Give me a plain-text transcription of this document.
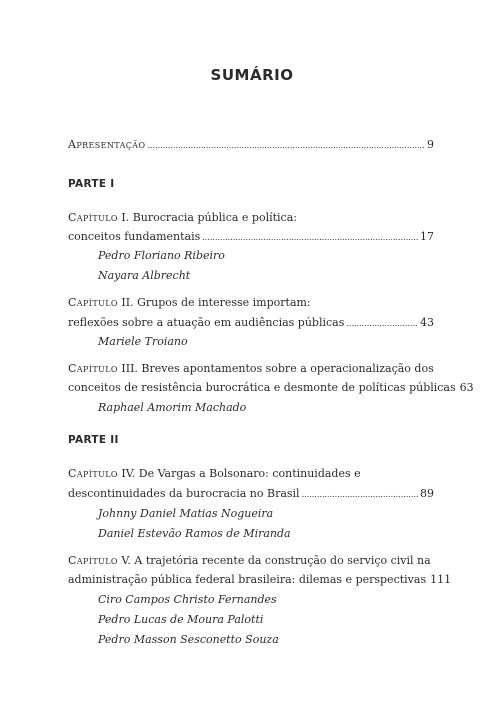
SUMÁRIO
Apresentação .....	9
PARTE I
Capítulo I. Burocracia pública e política:
conceitos fundamentais .....	17
Pedro Floriano Ribeiro
Nayara Albrecht
Capítulo II. Grupos de interesse importam:
reflexões sobre a atuação em audiências públicas .....	43
Mariele Troiano
Capítulo III. Breves apontamentos sobre a operacionalização dos
conceitos de resistência burocrática e desmonte de políticas públicas 63
Raphael Amorim Machado
PARTE II
Capítulo IV. De Vargas a Bolsonaro: continuidades e
descontinuidades da burocracia no Brasil .....	89
Johnny Daniel Matias Nogueira
Daniel Estevão Ramos de Miranda
Capítulo V. A trajetória recente da construção do serviço civil na
administração pública federal brasileira: dilemas e perspectivas 111
Ciro Campos Christo Fernandes
Pedro Lucas de Moura Palotti
Pedro Masson Sesconetto Souza
